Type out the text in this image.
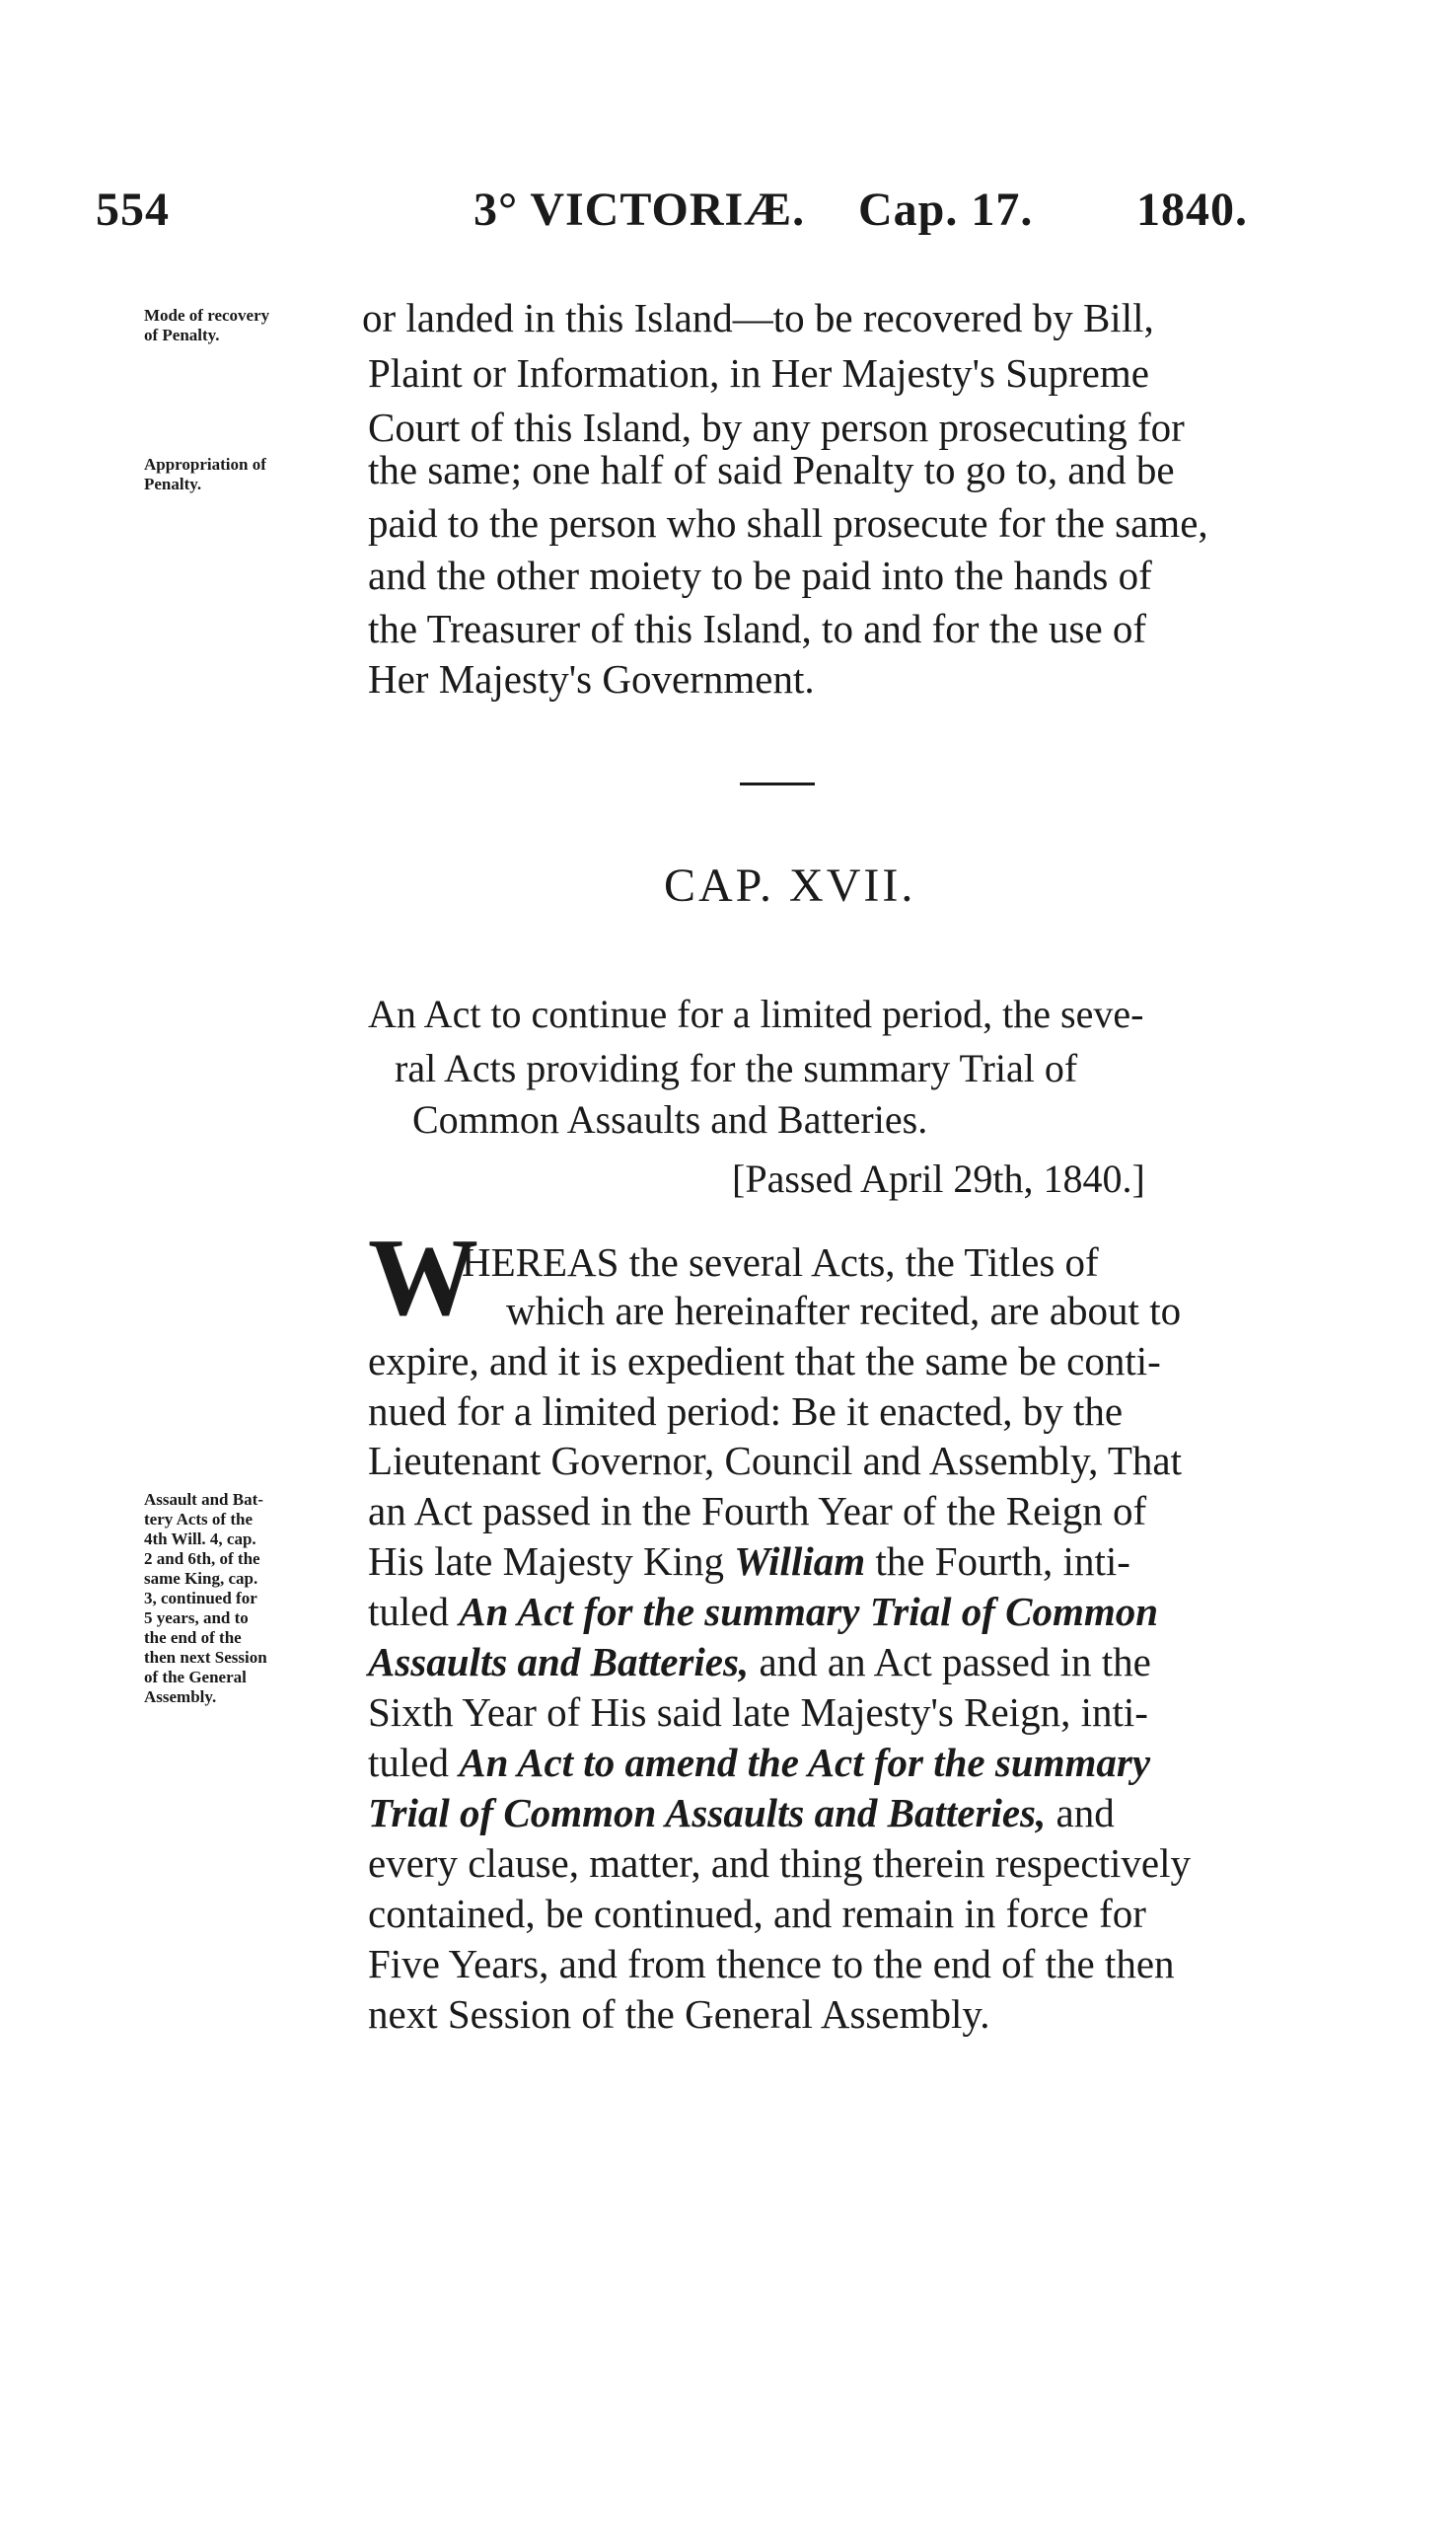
554	3° VICTORIÆ. Cap. 17. 1840.
Mode of recovery
of Penalty.
Appropriation of
Penalty.
or landed in this Island—to be recovered by Bill,
Plaint or Information, in Her Majesty's Supreme
Court of this Island, by any person prosecuting for
the same; one half of said Penalty to go to, and be
paid to the person who shall prosecute for the same,
and the other moiety to be paid into the hands of
the Treasurer of this Island, to and for the use of
Her Majesty's Government.
CAP. XVII.
An Act to continue for a limited period, the seve-
ral Acts providing for the summary Trial of
Common Assaults and Batteries.
[Passed April 29th, 1840.]
W
HEREAS the several Acts, the Titles of
which are hereinafter recited, are about to
expire, and it is expedient that the same be conti-
nued for a limited period: Be it enacted, by the
Lieutenant Governor, Council and Assembly, That
an Act passed in the Fourth Year of the Reign of
His late Majesty King William the Fourth, inti-
tuled An Act for the summary Trial of Common
Assaults and Batteries, and an Act passed in the
Sixth Year of His said late Majesty's Reign, inti-
tuled An Act to amend the Act for the summary
Trial of Common Assaults and Batteries, and
every clause, matter, and thing therein respectively
contained, be continued, and remain in force for
Five Years, and from thence to the end of the then
next Session of the General Assembly.
Assault and Bat-
tery Acts of the
4th Will. 4, cap.
2 and 6th, of the
same King, cap.
3, continued for
5 years, and to
the end of the
then next Session
of the General
Assembly.
